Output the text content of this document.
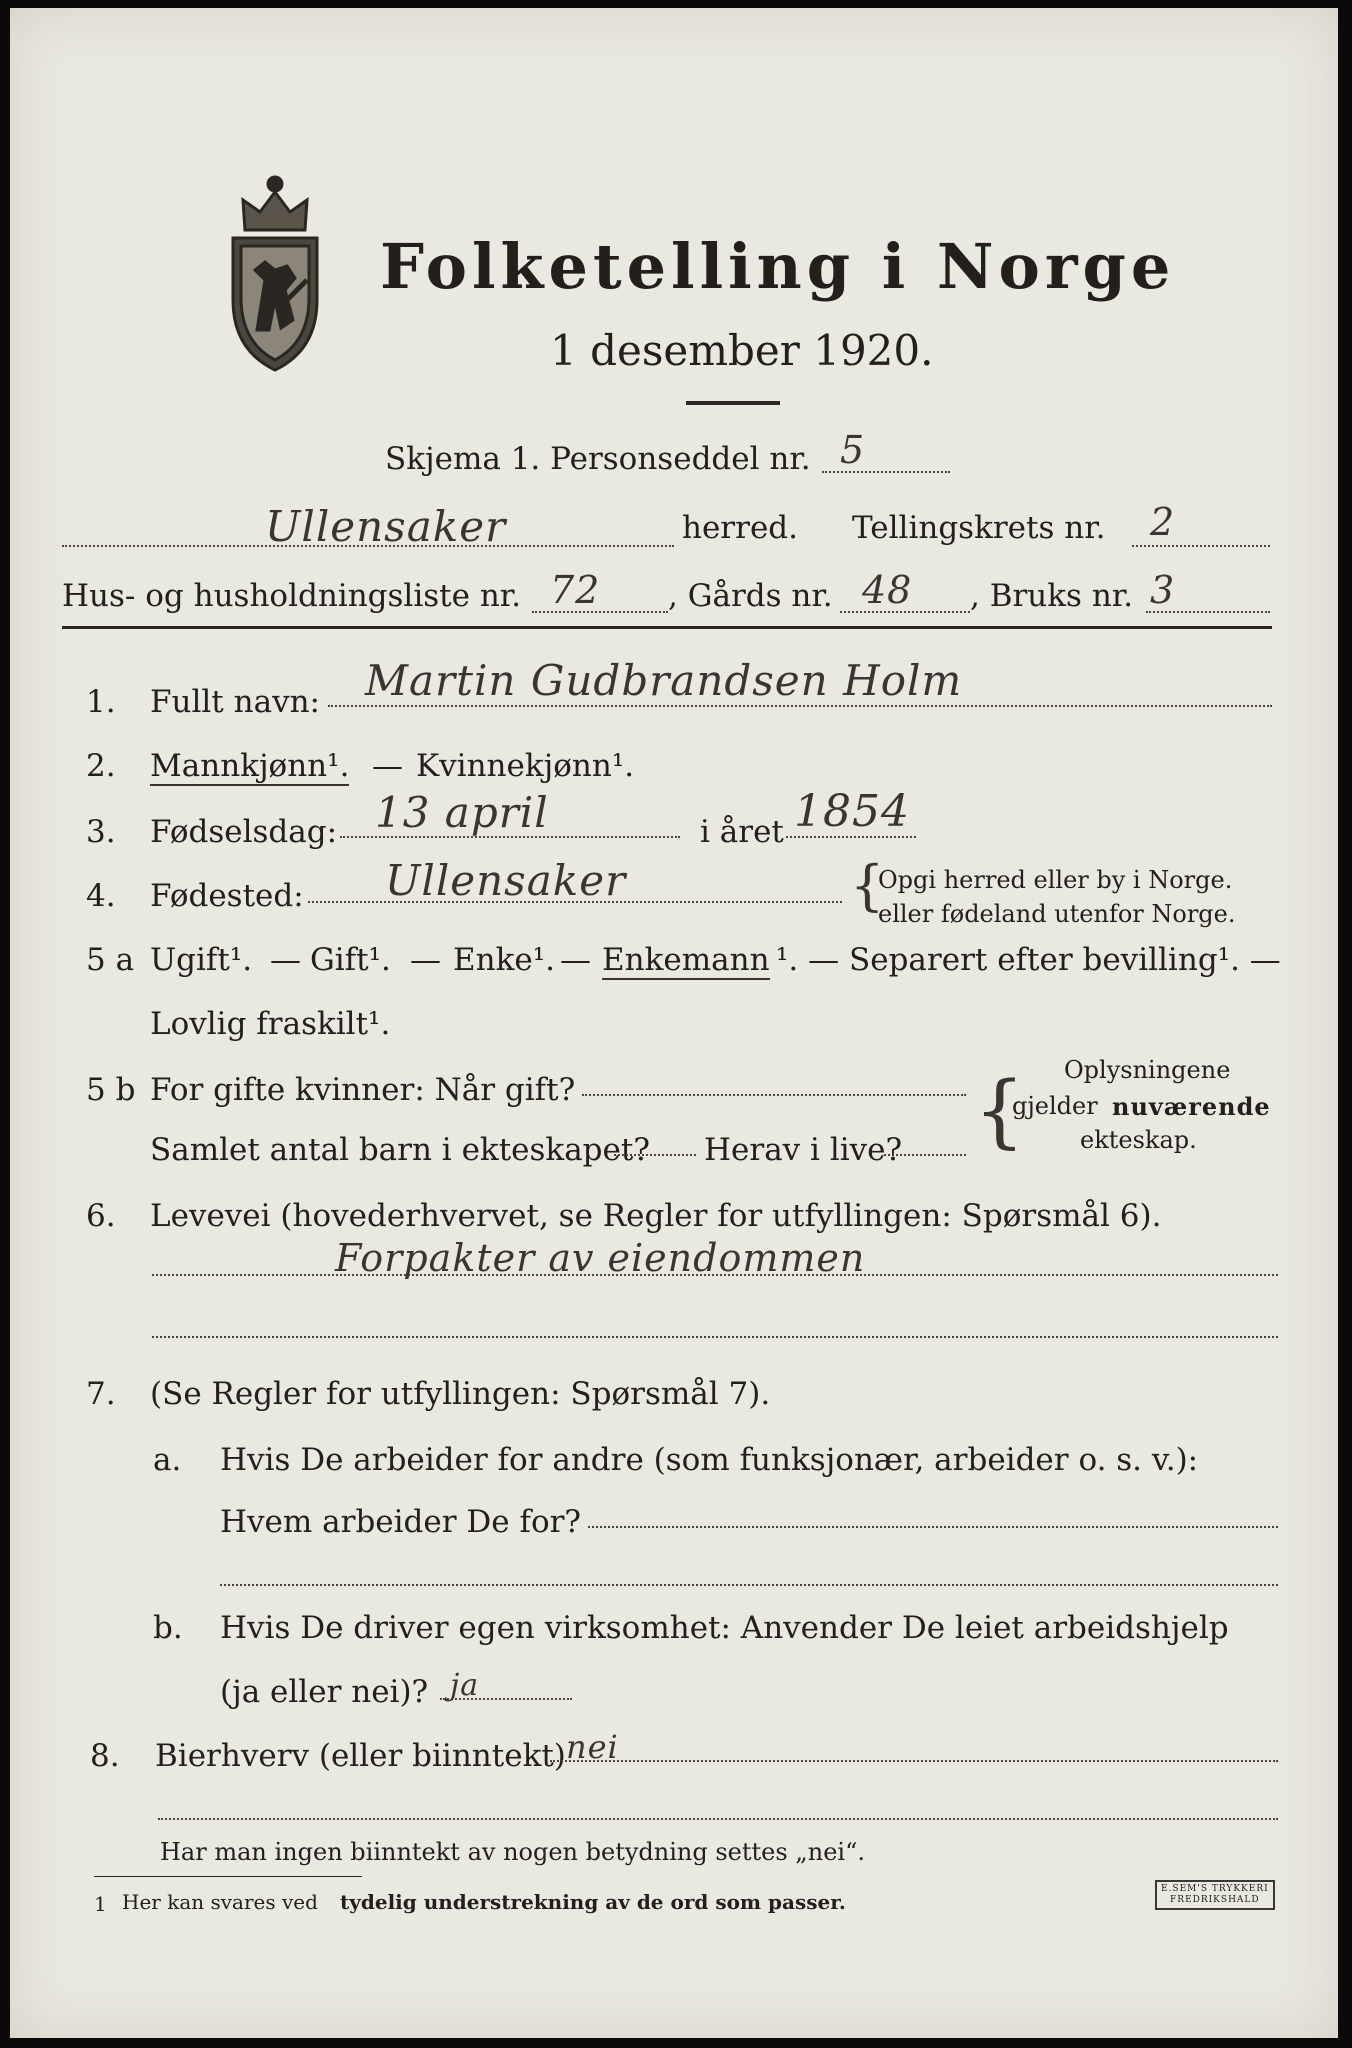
Folketelling i Norge
1 desember 1920.
Skjema 1. Personseddel nr. 5
Ullensaker	herred. Tellingskrets nr. 2
Hus- og husholdningsliste nr. 72 , Gårds nr. 48 , Bruks nr. 3
1. Fullt navn: Martin Gudbrandsen Holm
2. Mannkjønn¹. — Kvinnekjønn¹.
3. Fødselsdag: 13 april	i året 1854
4. Fødested: Ullensaker	{
Opgi herred eller by i Norge.
eller fødeland utenfor Norge.
5 a Ugift¹. — Gift¹. — Enke¹. — Enkemann ¹. — Separert efter bevilling¹. —
Lovlig fraskilt¹.
5 b For gifte kvinner: Når gift?
Samlet antal barn i ekteskapet? Herav i live? { Oplysningene
gjelder nuværende
ekteskap.
6. Levevei (hovederhvervet, se Regler for utfyllingen: Spørsmål 6).
Forpakter av eiendommen
7. (Se Regler for utfyllingen: Spørsmål 7).
a. Hvis De arbeider for andre (som funksjonær, arbeider o. s. v.):
Hvem arbeider De for?
b. Hvis De driver egen virksomhet: Anvender De leiet arbeidshjelp
(ja eller nei)? ja
8. Bierhverv (eller biinntekt) nei
Har man ingen biinntekt av nogen betydning settes „nei“.
1 Her kan svares ved tydelig understrekning av de ord som passer.
E.SEM'S TRYKKERI
FREDRIKSHALD
